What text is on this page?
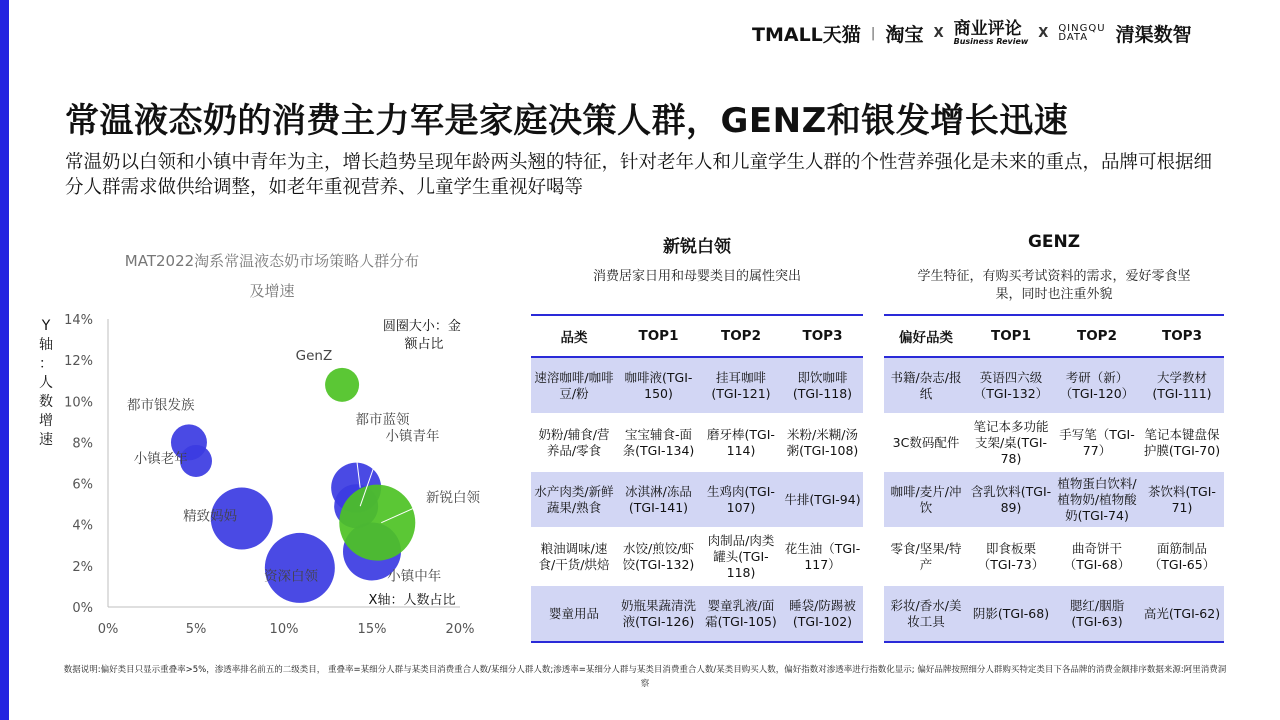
TMALL天猫 | 淘宝 X 商业评论
Business Review
X QINGQU
DATA	清渠数智
常温液态奶的消费主力军是家庭决策人群，GENZ和银发增长迅速
常温奶以白领和小镇中青年为主，增长趋势呈现年龄两头翘的特征，针对老年人和儿童学生人群的个性营养强化是未来的重点，品牌可根据细分人群需求做供给调整，如老年重视营养、儿童学生重视好喝等
MAT2022淘系常温液态奶市场策略人群分布
及增速
Y
轴
：
人
数
增
速
0%
2%
4%
6%
8%
10%
12%
14%
0%	5%	10%	15%	20%
GenZ
都市银发族
小镇老年
精致妈妈
资深白领
都市蓝领
小镇青年
小镇中年
新锐白领
圆圈大小：金 额占比
X轴：人数占比
新锐白领
消费居家日用和母婴类目的属性突出
品类	TOP1	TOP2	TOP3
速溶咖啡/咖啡豆/粉	咖啡液(TGI-150)	挂耳咖啡(TGI-121)	即饮咖啡(TGI-118)
奶粉/辅食/营养品/零食	宝宝辅食-面条(TGI-134)	磨牙棒(TGI-114)	米粉/米糊/汤粥(TGI-108)
水产肉类/新鲜蔬果/熟食	冰淇淋/冻品(TGI-141)	生鸡肉(TGI-107)	牛排(TGI-94)
粮油调味/速食/干货/烘焙	水饺/煎饺/虾饺(TGI-132)	肉制品/肉类罐头(TGI-118)	花生油（TGI-117）
婴童用品	奶瓶果蔬清洗液(TGI-126)	婴童乳液/面霜(TGI-105)	睡袋/防踢被(TGI-102)
GENZ
学生特征，有购买考试资料的需求，爱好零食坚果，同时也注重外貌
偏好品类	TOP1	TOP2	TOP3
书籍/杂志/报纸	英语四六级（TGI-132）	考研（新）（TGI-120）	大学教材(TGI-111)
3C数码配件	笔记本多功能支架/桌(TGI-78)	手写笔（TGI-77）	笔记本键盘保护膜(TGI-70)
咖啡/麦片/冲饮	含乳饮料(TGI-89)	植物蛋白饮料/植物奶/植物酸奶(TGI-74)	茶饮料(TGI-71)
零食/坚果/特产	即食板栗（TGI-73）	曲奇饼干（TGI-68）	面筋制品（TGI-65）
彩妆/香水/美妆工具	阴影(TGI-68)	腮红/胭脂(TGI-63)	高光(TGI-62)
数据说明:偏好类目只显示重叠率>5%，渗透率排名前五的二级类目， 重叠率=某细分人群与某类目消费重合人数/某细分人群人数;渗透率=某细分人群与某类目消费重合人数/某类目购买人数，偏好指数对渗透率进行指数化显示; 偏好品牌按照细分人群购买特定类目下各品牌的消费金额排序数据来源:阿里消费洞察
